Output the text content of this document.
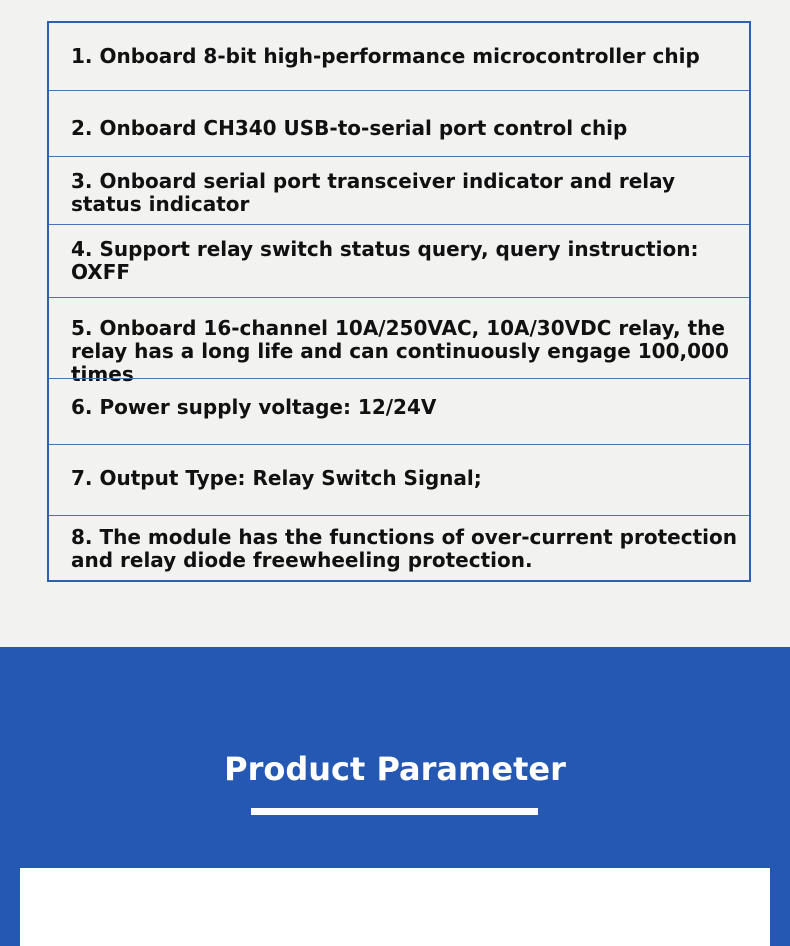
1. Onboard 8-bit high-performance microcontroller chip
2. Onboard CH340 USB-to-serial port control chip
3. Onboard serial port transceiver indicator and relay status indicator
4. Support relay switch status query, query instruction: OXFF
5. Onboard 16-channel 10A/250VAC, 10A/30VDC relay, the relay has a long life and can continuously engage 100,000 times
6. Power supply voltage: 12/24V
7. Output Type: Relay Switch Signal;
8. The module has the functions of over-current protection and relay diode freewheeling protection.
Product Parameter
